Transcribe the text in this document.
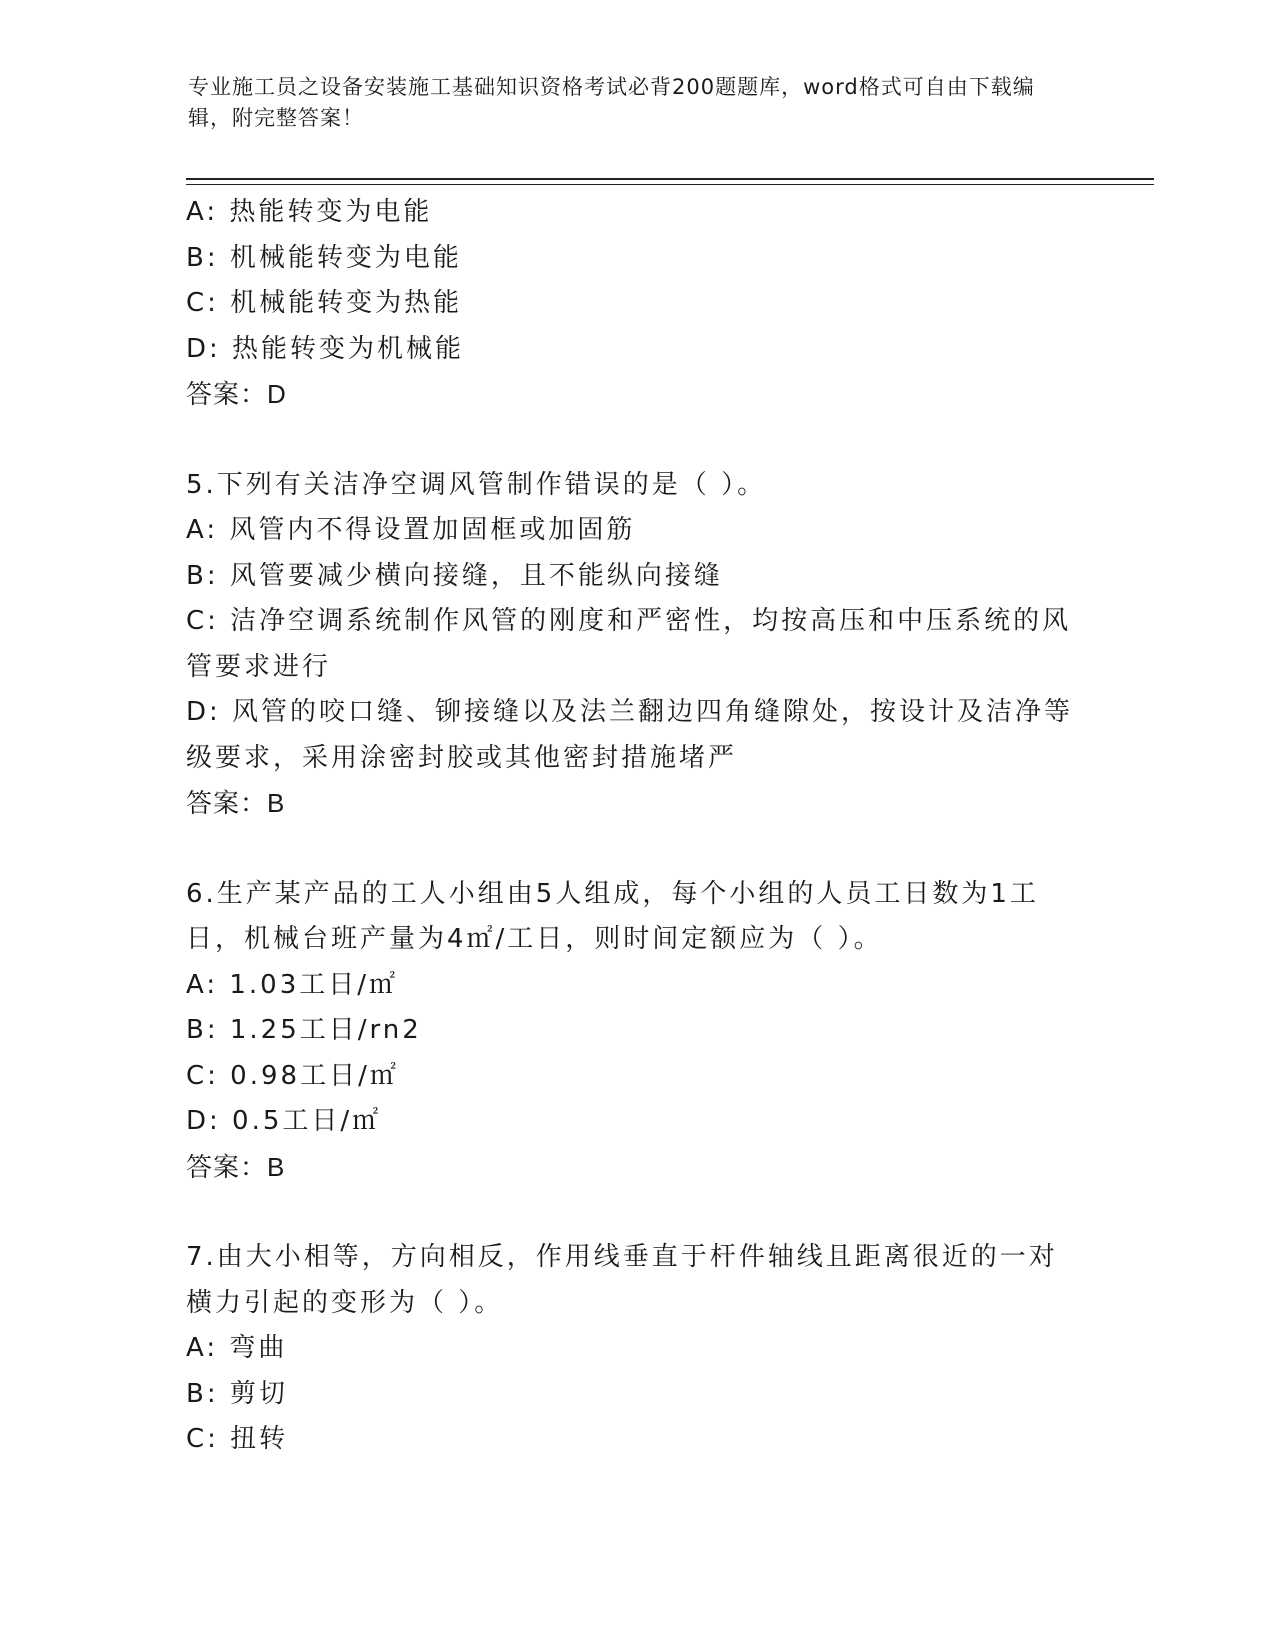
专业施工员之设备安装施工基础知识资格考试必背200题题库，word格式可自由下载编辑，附完整答案！

A: 热能转变为电能

B: 机械能转变为电能

C: 机械能转变为热能

D: 热能转变为机械能

答案：D

5.下列有关洁净空调风管制作错误的是（ ）。

A: 风管内不得设置加固框或加固筋

B: 风管要减少横向接缝，且不能纵向接缝

C: 洁净空调系统制作风管的刚度和严密性，均按高压和中压系统的风管要求进行

D: 风管的咬口缝、铆接缝以及法兰翻边四角缝隙处，按设计及洁净等级要求，采用涂密封胶或其他密封措施堵严

答案：B

6.生产某产品的工人小组由5人组成，每个小组的人员工日数为1工日，机械台班产量为4㎡/工日，则时间定额应为（ ）。

A: 1.03工日/㎡

B: 1.25工日/rn2

C: 0.98工日/㎡

D: 0.5工日/㎡

答案：B

7.由大小相等，方向相反，作用线垂直于杆件轴线且距离很近的一对横力引起的变形为（ ）。

A: 弯曲

B: 剪切

C: 扭转
